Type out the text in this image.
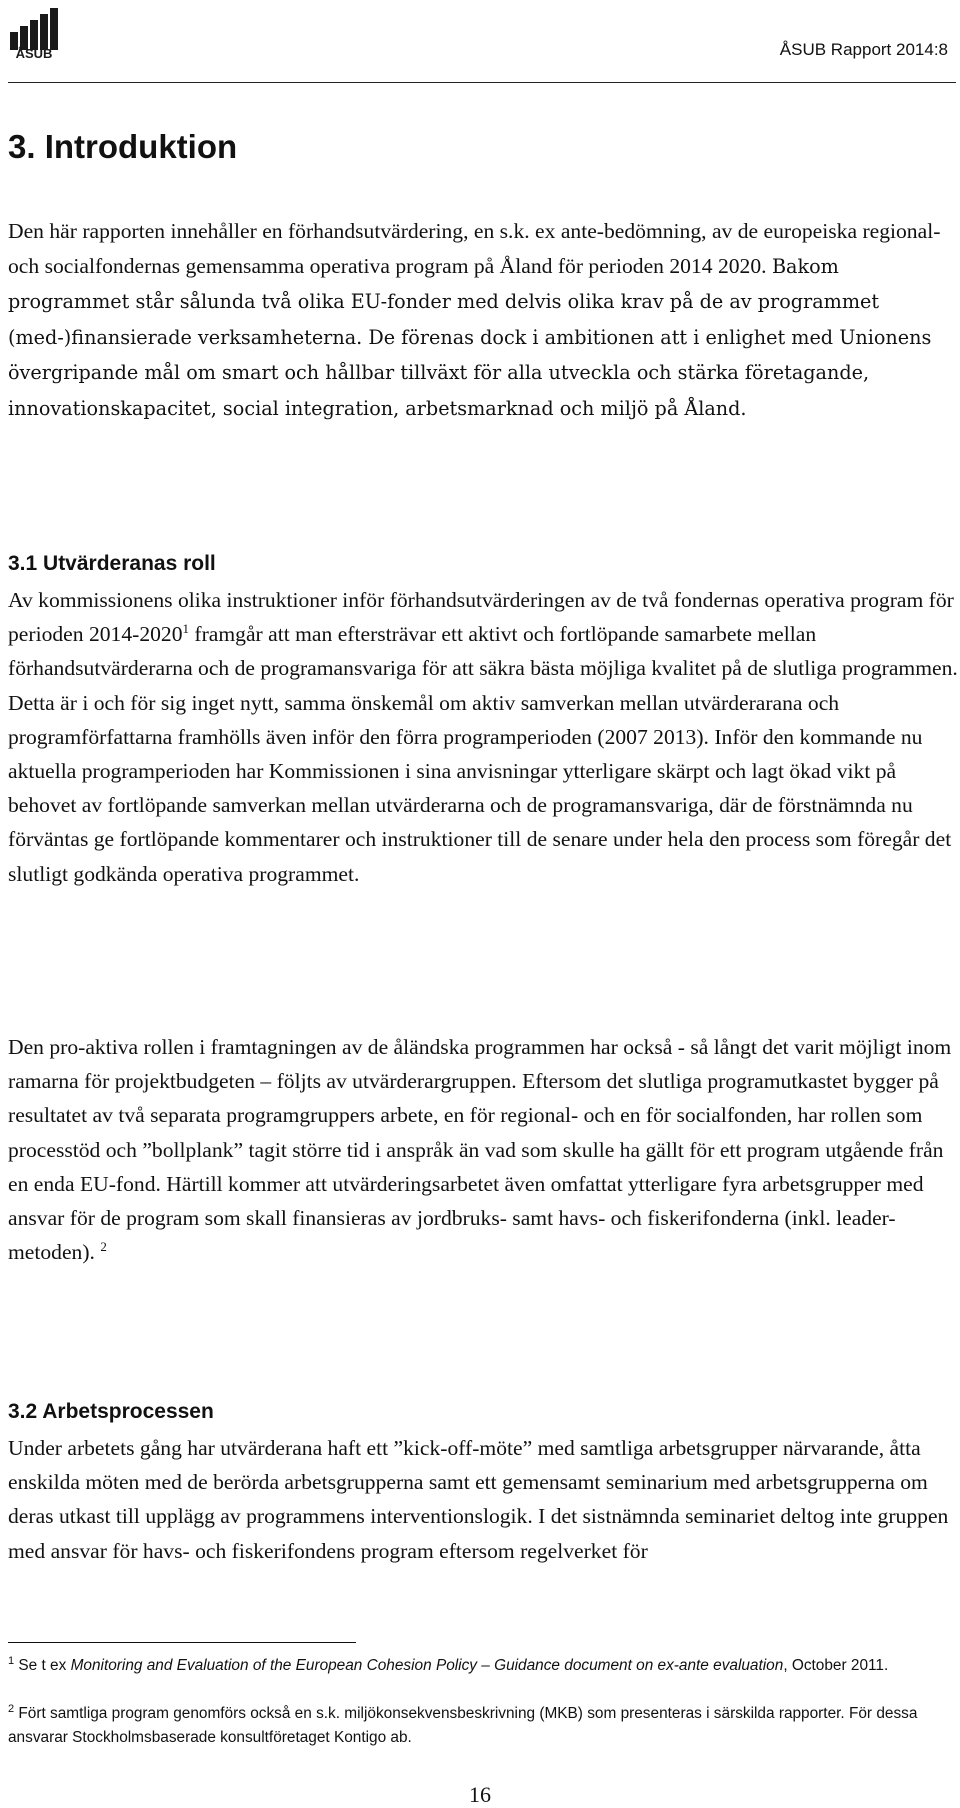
ÅSUB	ÅSUB Rapport 2014:8
3. Introduktion
Den här rapporten innehåller en förhandsutvärdering, en s.k. ex ante-bedömning, av de europeiska regional- och socialfondernas gemensamma operativa program på Åland för perioden 2014 2020. Bakom programmet står sålunda två olika EU-fonder med delvis olika krav på de av programmet (med-)finansierade verksamheterna. De förenas dock i ambitionen att i enlighet med Unionens övergripande mål om smart och hållbar tillväxt för alla utveckla och stärka företagande, innovationskapacitet, social integration, arbetsmarknad och miljö på Åland.
3.1 Utvärderanas roll
Av kommissionens olika instruktioner inför förhandsutvärderingen av de två fondernas operativa program för perioden 2014-2020$^1$ framgår att man eftersträvar ett aktivt och fortlöpande samarbete mellan förhandsutvärderarna och de programansvariga för att säkra bästa möjliga kvalitet på de slutliga programmen. Detta är i och för sig inget nytt, samma önskemål om aktiv samverkan mellan utvärderarana och programförfattarna framhölls även inför den förra programperioden (2007 2013). Inför den kommande nu aktuella programperioden har Kommissionen i sina anvisningar ytterligare skärpt och lagt ökad vikt på behovet av fortlöpande samverkan mellan utvärderarna och de programansvariga, där de förstnämnda nu förväntas ge fortlöpande kommentarer och instruktioner till de senare under hela den process som föregår det slutligt godkända operativa programmet.
Den pro-aktiva rollen i framtagningen av de åländska programmen har också - så långt det varit möjligt inom ramarna för projektbudgeten – följts av utvärderargruppen. Eftersom det slutliga programutkastet bygger på resultatet av två separata programgruppers arbete, en för regional- och en för socialfonden, har rollen som processtöd och ”bollplank” tagit större tid i anspråk än vad som skulle ha gällt för ett program utgående från en enda EU-fond. Härtill kommer att utvärderingsarbetet även omfattat ytterligare fyra arbetsgrupper med ansvar för de program som skall finansieras av jordbruks- samt havs- och fiskerifonderna (inkl. leader-metoden). $^2$
3.2 Arbetsprocessen
Under arbetets gång har utvärderana haft ett ”kick-off-möte” med samtliga arbetsgrupper närvarande, åtta enskilda möten med de berörda arbetsgrupperna samt ett gemensamt seminarium med arbetsgrupperna om deras utkast till upplägg av programmens interventionslogik. I det sistnämnda seminariet deltog inte gruppen med ansvar för havs- och fiskerifondens program eftersom regelverket för
$^1$ Se t ex Monitoring and Evaluation of the European Cohesion Policy – Guidance document on ex-ante evaluation, October 2011.
$^2$ Fört samtliga program genomförs också en s.k. miljökonsekvensbeskrivning (MKB) som presenteras i särskilda rapporter. För dessa ansvarar Stockholmsbaserade konsultföretaget Kontigo ab.
16
